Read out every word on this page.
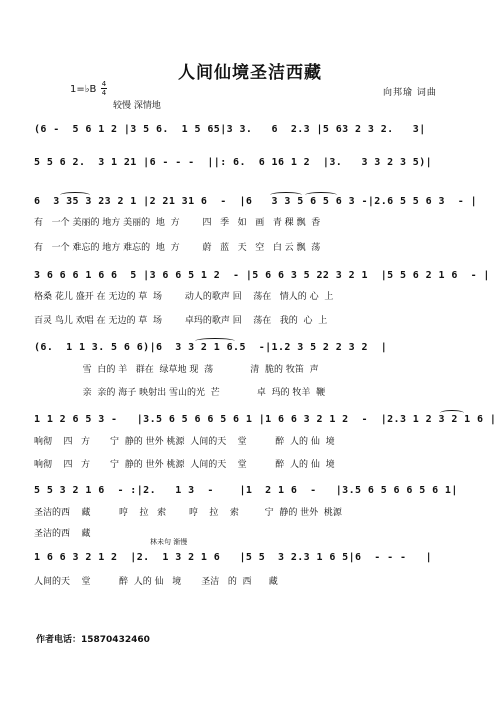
人间仙境圣洁西藏
1=♭B 4
4
较慢 深情地
向邦瑜 词曲
(6 -  5 6 1 2 |3 5 6.  1 5 65|3 3.   6  2.3 |5 63 2 3 2.   3|
5 5 6 2.  3 1 21 |6 - - -  ||: 6.  6 16 1 2  |3.   3 3 2 3 5)|
6  3 35 3 23 2 1 |2 21 31 6  -  |6   3 3 5 6 5 6 3 -|2.6 5 5 6 3  - |
有   一个 美丽的 地方 美丽的  地  方        四   季   如   画   青 稞 飘  香
有   一个 难忘的 地方 难忘的  地  方        蔚   蓝   天   空   白 云 飘  荡
3 6 6 6 1 6 6  5 |3 6 6 5 1 2  - |5 6 6 3 5 22 3 2 1  |5 5 6 2 1 6  - |
格桑 花儿 盛开 在 无边的 草  场        动人的歌声 回    荡在   情人的 心  上
百灵 鸟儿 欢唱 在 无边的 草  场        卓玛的歌声 回    荡在   我的  心  上
(6.  1 1 3. 5 6 6)|6  3 3 2 1 6.5  -|1.2 3 5 2 2 3 2  |
雪  白的 羊   群在  绿草地 现  荡             清  脆的 牧笛  声
亲  亲的 海子 映射出 雪山的光  芒             卓  玛的 牧羊  鞭
1 1 2 6 5 3 -   |3.5 6 5 6 6 5 6 1 |1 6 6 3 2 1 2  -  |2.3 1 2 3 2 1 6 |
响彻    四   方       宁  静的 世外 桃源  人间的天    堂          醉  人的 仙  境
响彻    四   方       宁  静的 世外 桃源  人间的天    堂          醉  人的 仙  境
5 5 3 2 1 6  - :|2.   1 3  -    |1  2 1 6  -   |3.5 6 5 6 6 5 6 1|
圣洁的西    藏          哼    拉   索        哼    拉    索         宁  静的 世外  桃源
圣洁的西    藏
林未句 渐慢
1 6 6 3 2 1 2  |2.  1 3 2 1 6   |5 5  3 2.3 1 6 5|6  - - -   |
人间的天    堂          醉  人的 仙   境       圣洁   的  西      藏
作者电话：15870432460
